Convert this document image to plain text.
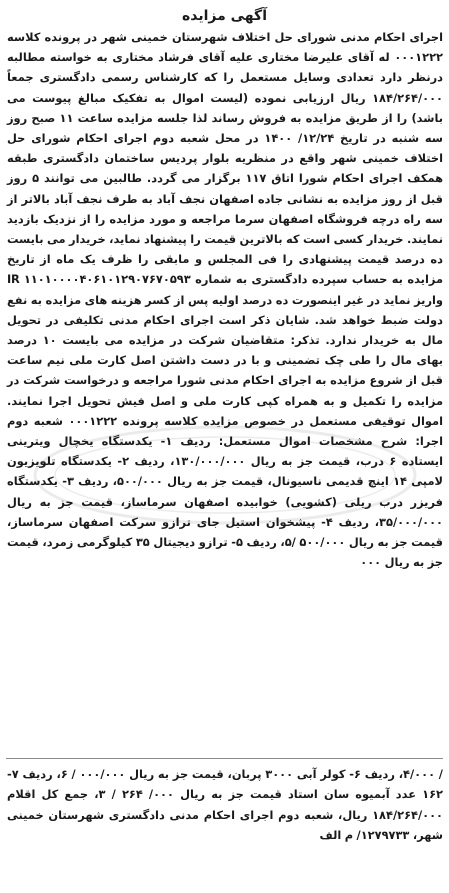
آگهی مزایده

اجرای احکام مدنی شورای حل اختلاف شهرستان خمینی شهر در پرونده کلاسه ۰۰۰۱۲۲۲ له آقای علیرضا مختاری علیه آقای فرشاد مختاری به خواسته مطالبه درنظر دارد تعدادی وسایل مستعمل را که کارشناس رسمی دادگستری جمعاً ۱۸۴/۲۶۴/۰۰۰ ریال ارزیابی نموده (لیست اموال به تفکیک مبالغ پیوست می باشد) را از طریق مزایده به فروش رساند لذا جلسه مزایده ساعت ۱۱ صبح روز سه شنبه در تاریخ ۱۲/۲۴/ ۱۴۰۰ در محل شعبه دوم اجرای احکام شورای حل اختلاف خمینی شهر واقع در منظریه بلوار پردیس ساختمان دادگستری طبقه همکف اجرای احکام شورا اتاق ۱۱۷ برگزار می گردد. طالبین می توانند ۵ روز قبل از روز مزایده به نشانی جاده اصفهان نجف آباد به طرف نجف آباد بالاتر از سه راه درچه فروشگاه اصفهان سرما مراجعه و مورد مزایده را از نزدیک بازدید نمایند. خریدار کسی است که بالاترین قیمت را پیشنهاد نماید، خریدار می بایست ده درصد قیمت پیشنهادی را فی المجلس و مابقی را ظرف یک ماه از تاریخ مزایده به حساب سپرده دادگستری به شماره IR ۱۱۰۱۰۰۰۰۴۰۶۱۰۱۲۹۰۷۶۷۰۵۹۳ واریز نماید در غیر اینصورت ده درصد اولیه پس از کسر هزینه های مزایده به نفع دولت ضبط خواهد شد. شایان ذکر است اجرای احکام مدنی تکلیفی در تحویل مال به خریدار ندارد. تذکر: متقاضیان شرکت در مزایده می بایست ۱۰ درصد بهای مال را طی چک تضمینی و با در دست داشتن اصل کارت ملی نیم ساعت قبل از شروع مزایده به اجرای احکام مدنی شورا مراجعه و درخواست شرکت در مزایده را تکمیل و به همراه کپی کارت ملی و اصل فیش تحویل اجرا نمایند. اموال توقیفی مستعمل در خصوص مزایده کلاسه پرونده ۰۰۰۱۲۲۲ شعبه دوم اجرا: شرح مشخصات اموال مستعمل: ردیف ۱- یکدستگاه یخچال ویترینی ایستاده ۶ درب، قیمت جز به ریال ۱۳۰/۰۰۰/۰۰۰، ردیف ۲- یکدستگاه تلویزیون لامپی ۱۴ اینچ قدیمی ناسیونال، قیمت جز به ریال ۵۰۰/۰۰۰، ردیف ۳- یکدستگاه فریزر درب ریلی (کشویی) خوابیده اصفهان سرماساز، قیمت جز به ریال ۳۵/۰۰۰/۰۰۰، ردیف ۴- پیشخوان استیل جای ترازو سرکت اصفهان سرماساز، قیمت جز به ریال ۵۰۰/۰۰۰ /۵، ردیف ۵- ترازو دیجیتال ۳۵ کیلوگرمی زمرد، قیمت جز به ریال ۰۰۰

/ ۴/۰۰۰، ردیف ۶- کولر آبی ۳۰۰۰ پربان، قیمت جز به ریال ۰۰۰/۰۰۰ / ۶، ردیف ۷- ۱۶۲ عدد آبمیوه سان استاد قیمت جز به ریال ۰۰۰/ ۲۶۴ / ۳، جمع کل اقلام ۱۸۴/۲۶۴/۰۰۰ ریال، شعبه دوم اجرای احکام مدنی دادگستری شهرستان خمینی شهر، ۱۲۷۹۷۳۳/ م الف
